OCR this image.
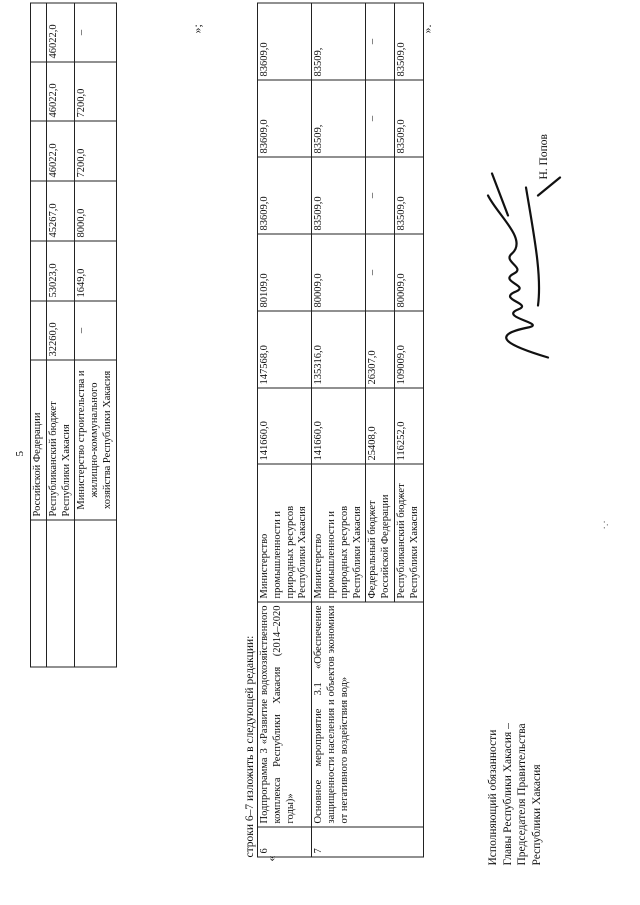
5
	Российской Федерации						
	Республиканский бюджет Республики Хакасия	32260,0	53023,0	45267,0	46022,0	46022,0	46022,0
	Министерство строительства и жилищно-коммунального хозяйства Республики Хакасия	–	1649,0	8000,0	7200,0	7200,0	–	»;
строки 6–7 изложить в следующей редакции:
«
6	Подпрограмма 3 «Развитие водохозяйственного комплекса Республики Хакасия (2014–2020 годы)»	Министерство промышленности и природных ресурсов Республики Хакасия	141660,0	147568,0	80109,0	83609,0	83609,0	83609,0
7	Основное мероприятие 3.1 «Обеспечение защищенности населения и объектов экономики от негативного воздействия вод»	Министерство промышленности и природных ресурсов Республики Хакасия	141660,0	135316,0	80009,0	83509,0	83509,	83509,
		Федеральный бюджет Российской Федерации	25408,0	26307,0	–	–	–	–
		Республиканский бюджет Республики Хакасия	116252,0	109009,0	80009,0	83509,0	83509,0	83509,0
».
Исполняющий обязанности Главы Республики Хакасия – Председателя Правительства Республики Хакасия
Н. Попов
·.·
